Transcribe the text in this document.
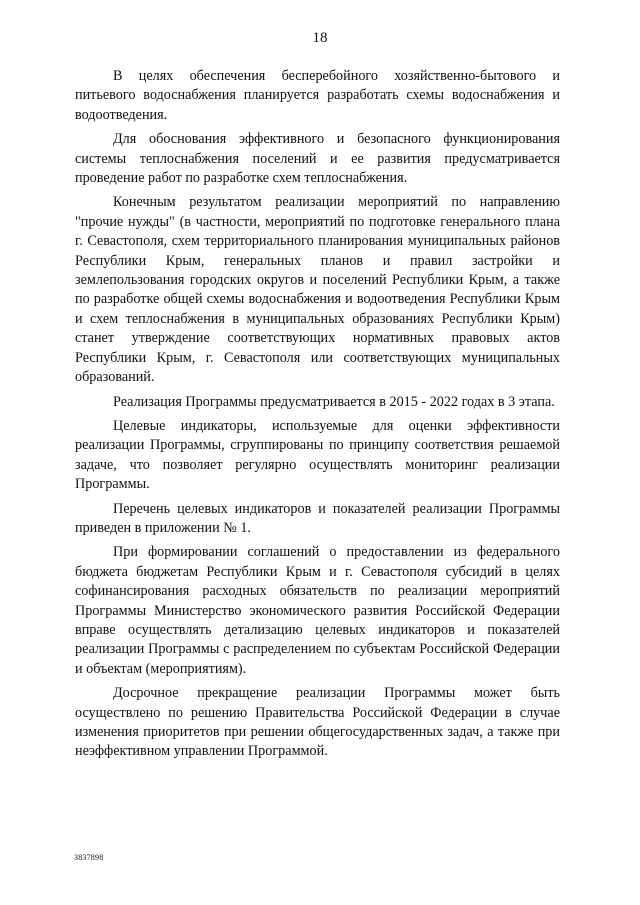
18

В целях обеспечения бесперебойного хозяйственно-бытового и питьевого водоснабжения планируется разработать схемы водоснабжения и водоотведения.

Для обоснования эффективного и безопасного функционирования системы теплоснабжения поселений и ее развития предусматривается проведение работ по разработке схем теплоснабжения.

Конечным результатом реализации мероприятий по направлению "прочие нужды" (в частности, мероприятий по подготовке генерального плана г. Севастополя, схем территориального планирования муниципальных районов Республики Крым, генеральных планов и правил застройки и землепользования городских округов и поселений Республики Крым, а также по разработке общей схемы водоснабжения и водоотведения Республики Крым и схем теплоснабжения в муниципальных образованиях Республики Крым) станет утверждение соответствующих нормативных правовых актов Республики Крым, г. Севастополя или соответствующих муниципальных образований.

Реализация Программы предусматривается в 2015 - 2022 годах в 3 этапа.

Целевые индикаторы, используемые для оценки эффективности реализации Программы, сгруппированы по принципу соответствия решаемой задаче, что позволяет регулярно осуществлять мониторинг реализации Программы.

Перечень целевых индикаторов и показателей реализации Программы приведен в приложении № 1.

При формировании соглашений о предоставлении из федерального бюджета бюджетам Республики Крым и г. Севастополя субсидий в целях софинансирования расходных обязательств по реализации мероприятий Программы Министерство экономического развития Российской Федерации вправе осуществлять детализацию целевых индикаторов и показателей реализации Программы с распределением по субъектам Российской Федерации и объектам (мероприятиям).

Досрочное прекращение реализации Программы может быть осуществлено по решению Правительства Российской Федерации в случае изменения приоритетов при решении общегосударственных задач, а также при неэффективном управлении Программой.

3837898
